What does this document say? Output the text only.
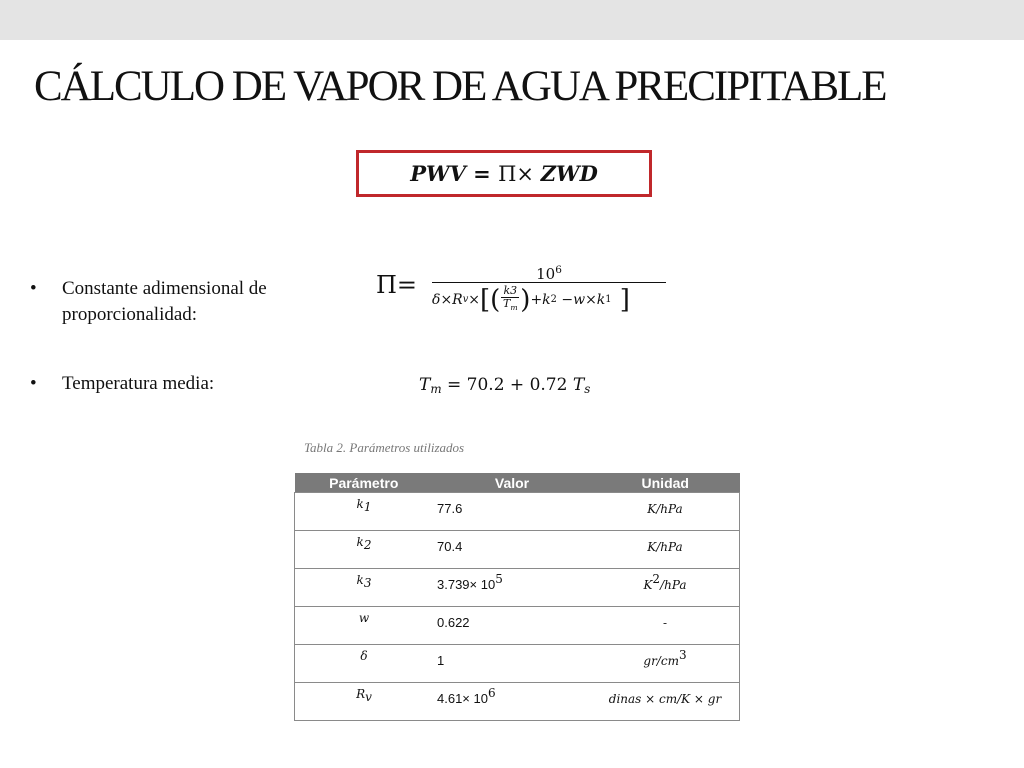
CÁLCULO DE VAPOR DE AGUA PRECIPITABLE
PWV = Π × ZWD
• Constante adimensional de
proporcionalidad:
• Temperatura media:
Π=	$10^6$
δ × R v × [( k3
$T_m$ ) +k 2 −w×k 1 ]
$T_m = 70.2 + 0.72$ $T_s$
Tabla 2. Parámetros utilizados
Parámetro	Valor	Unidad
$k_1$	77.6	K/hPa
$k_2$	70.4	K/hPa
$k_3$	$3.739\times 10^5$	$K^2$/hPa
w	0.622	-
δ	1	$gr/cm^3$
$R_v$	$4.61\times 10^6$	dinas × cm/K × gr
